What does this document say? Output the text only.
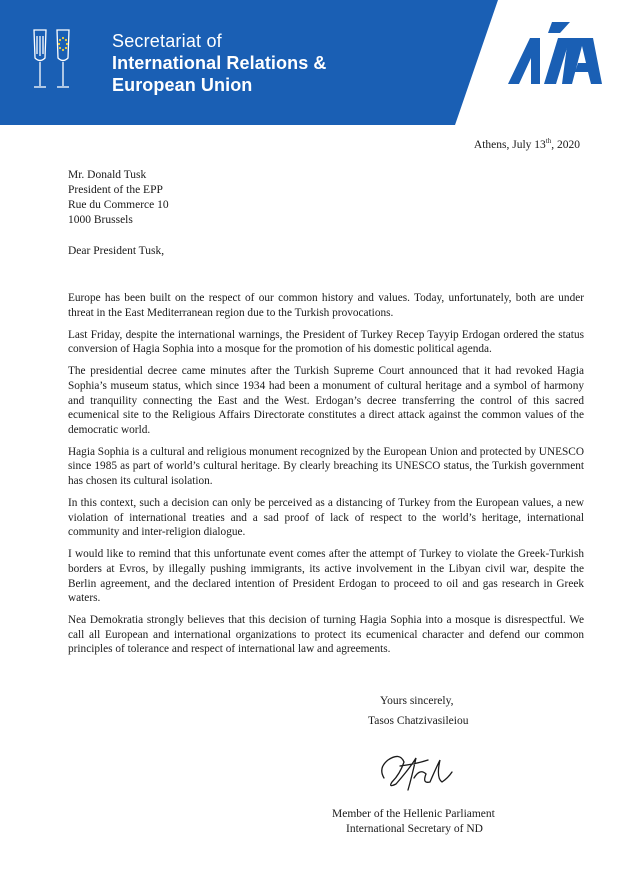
Secretariat of
International Relations &
European Union
NEA DEMOKRATIA
Athens, July 13th, 2020
Mr. Donald Tusk
President of the EPP
Rue du Commerce 10
1000 Brussels
Dear President Tusk,

Europe has been built on the respect of our common history and values. Today, unfortunately, both are under threat in the East Mediterranean region due to the Turkish provocations.

Last Friday, despite the international warnings, the President of Turkey Recep Tayyip Erdogan ordered the status conversion of Hagia Sophia into a mosque for the promotion of his domestic political agenda.

The presidential decree came minutes after the Turkish Supreme Court announced that it had revoked Hagia Sophia’s museum status, which since 1934 had been a monument of cultural heritage and a symbol of harmony and tranquility connecting the East and the West. Erdogan’s decree transferring the control of this sacred ecumenical site to the Religious Affairs Directorate constitutes a direct attack against the common values of the democratic world.

Hagia Sophia is a cultural and religious monument recognized by the European Union and protected by UNESCO since 1985 as part of world’s cultural heritage. By clearly breaching its UNESCO status, the Turkish government has chosen its cultural isolation.

In this context, such a decision can only be perceived as a distancing of Turkey from the European values, a new violation of international treaties and a sad proof of lack of respect to the world’s heritage, international community and inter-religion dialogue.

I would like to remind that this unfortunate event comes after the attempt of Turkey to violate the Greek-Turkish borders at Evros, by illegally pushing immigrants, its active involvement in the Libyan civil war, despite the Berlin agreement, and the declared intention of President Erdogan to proceed to oil and gas research in Greek waters.

Nea Demokratia strongly believes that this decision of turning Hagia Sophia into a mosque is disrespectful. We call all European and international organizations to protect its ecumenical character and defend our common principles of tolerance and respect of international law and agreements.

Yours sincerely,
Tasos Chatzivasileiou
Member of the Hellenic Parliament
International Secretary of ND
